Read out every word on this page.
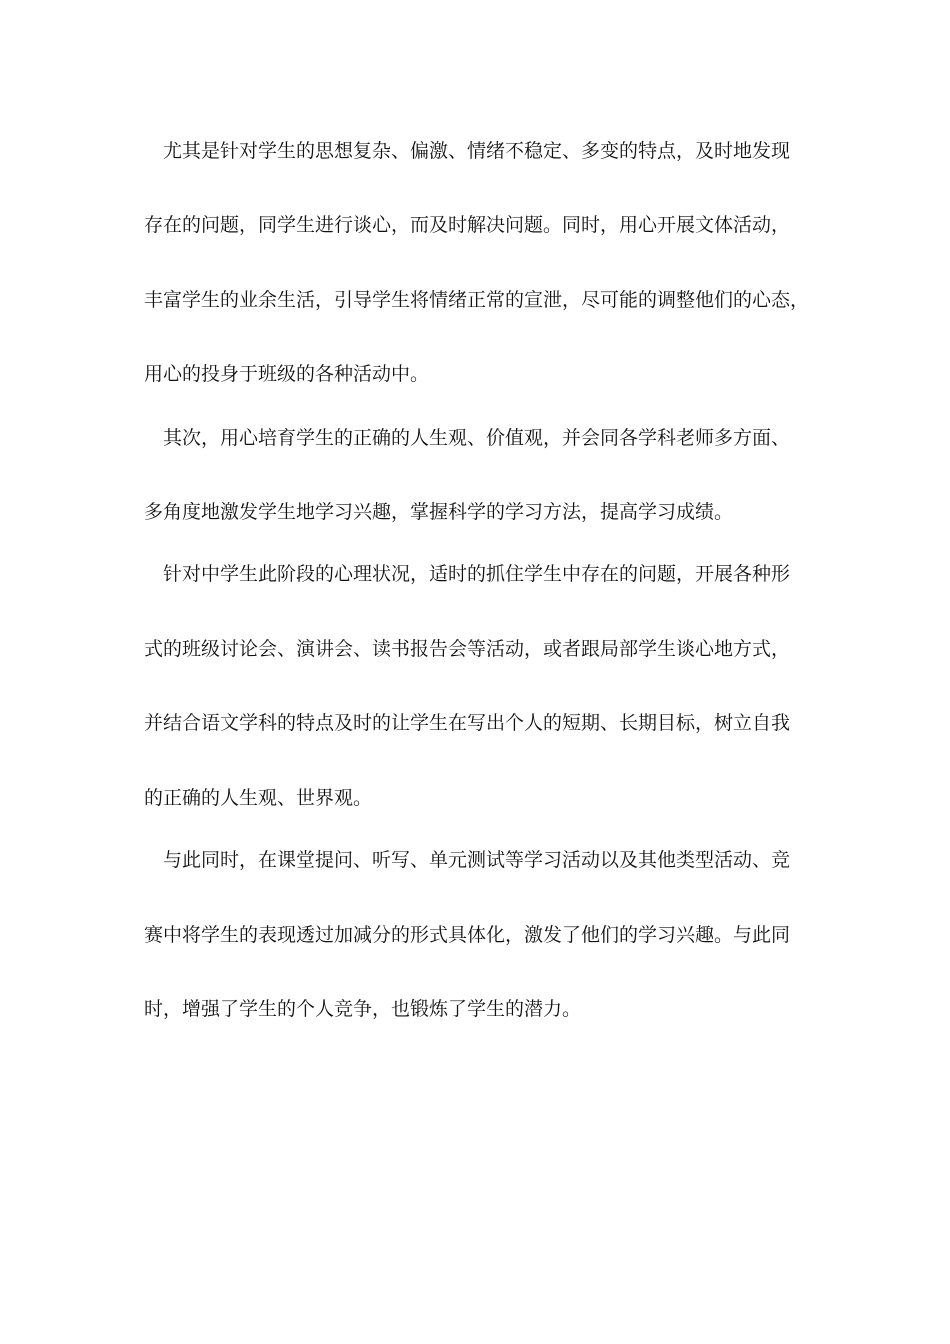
尤其是针对学生的思想复杂、偏激、情绪不稳定、多变的特点，及时地发现
存在的问题，同学生进行谈心，而及时解决问题。同时，用心开展文体活动，
丰富学生的业余生活，引导学生将情绪正常的宣泄，尽可能的调整他们的心态，
用心的投身于班级的各种活动中。
其次，用心培育学生的正确的人生观、价值观，并会同各学科老师多方面、
多角度地激发学生地学习兴趣，掌握科学的学习方法，提高学习成绩。
针对中学生此阶段的心理状况，适时的抓住学生中存在的问题，开展各种形
式的班级讨论会、演讲会、读书报告会等活动，或者跟局部学生谈心地方式，
并结合语文学科的特点及时的让学生在写出个人的短期、长期目标，树立自我
的正确的人生观、世界观。
与此同时，在课堂提问、听写、单元测试等学习活动以及其他类型活动、竞
赛中将学生的表现透过加减分的形式具体化，激发了他们的学习兴趣。与此同
时，增强了学生的个人竞争，也锻炼了学生的潜力。
